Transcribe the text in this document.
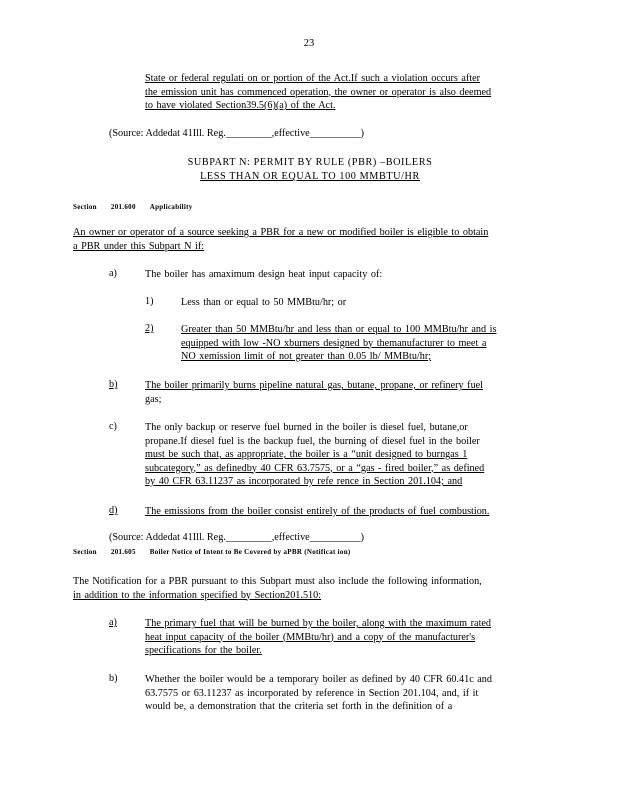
23
State or federal regulati on or portion of the Act.If such a violation occurs after
the emission unit has commenced operation, the owner or operator is also deemed
to have violated Section39.5(6)(a) of the Act.
(Source: Addedat 41Ill. Reg._________,effective__________)
SUBPART N: PERMIT BY RULE (PBR) –BOILERS
LESS THAN OR EQUAL TO 100 MMBTU/HR
Section 201.600 Applicability
An owner or operator of a source seeking a PBR for a new or modified boiler is eligible to obtain
a PBR under this Subpart N if:
a)	The boiler has amaximum design heat input capacity of:
1)	Less than or equal to 50 MMBtu/hr; or
2)	Greater than 50 MMBtu/hr and less than or equal to 100 MMBtu/hr and is
equipped with low -NO xburners designed by themanufacturer to meet a
NO xemission limit of not greater than 0.05 lb/ MMBtu/hr;
b)	The boiler primarily burns pipeline natural gas, butane, propane, or refinery fuel
gas;
c)	The only backup or reserve fuel burned in the boiler is diesel fuel, butane,or
propane.If diesel fuel is the backup fuel, the burning of diesel fuel in the boiler
must be such that, as appropriate, the boiler is a “unit designed to burngas 1
subcategory,” as definedby 40 CFR 63.7575, or a “gas - fired boiler,” as defined
by 40 CFR 63.11237 as incorporated by refe rence in Section 201.104; and
d)	The emissions from the boiler consist entirely of the products of fuel combustion.
(Source: Addedat 41Ill. Reg._________,effective__________)
Section 201.605 Boiler Notice of Intent to Be Covered by aPBR (Notificat ion)
The Notification for a PBR pursuant to this Subpart must also include the following information,
in addition to the information specified by Section201.510:
a)	The primary fuel that will be burned by the boiler, along with the maximum rated
heat input capacity of the boiler (MMBtu/hr) and a copy of the manufacturer's
specifications for the boiler.
b)	Whether the boiler would be a temporary boiler as defined by 40 CFR 60.41c and
63.7575 or 63.11237 as incorporated by reference in Section 201.104, and, if it
would be, a demonstration that the criteria set forth in the definition of a
